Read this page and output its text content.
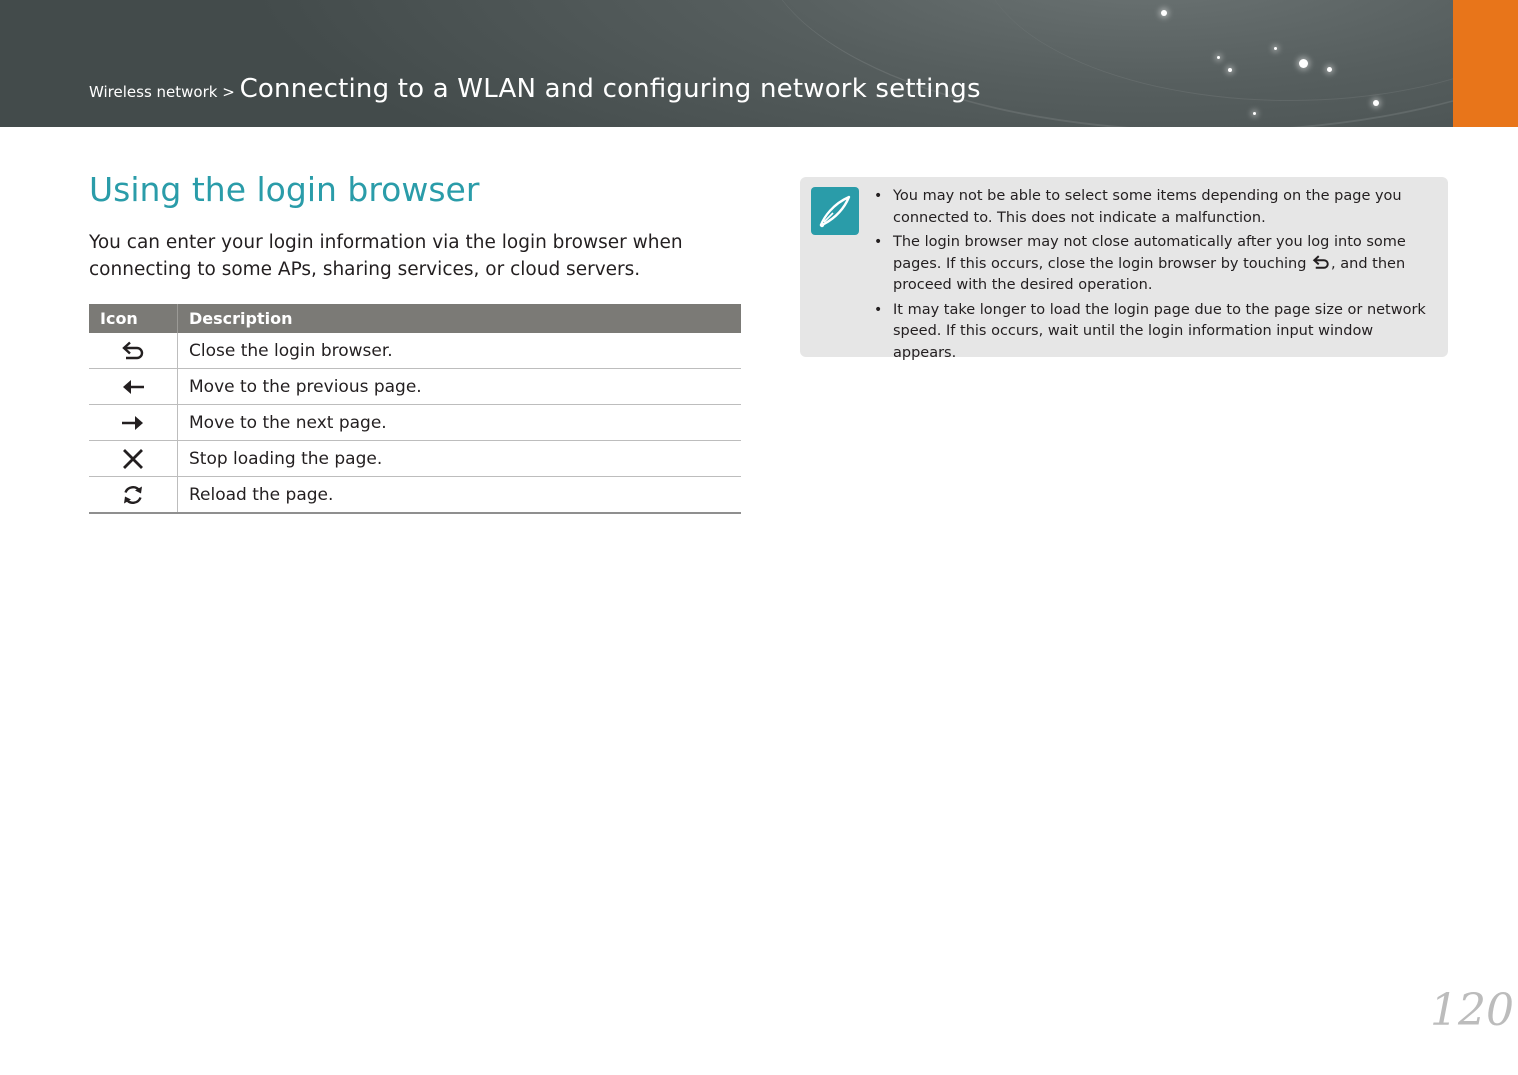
Wireless network > Connecting to a WLAN and conﬁguring network settings
Using the login browser

You can enter your login information via the login browser when connecting to some APs, sharing services, or cloud servers.

Icon	Description

	Close the login browser.

	Move to the previous page.

	Move to the next page.

	Stop loading the page.

	Reload the page.
• You may not be able to select some items depending on the page you connected to. This does not indicate a malfunction.
• The login browser may not close automatically after you log into some pages. If this occurs, close the login browser by touching , and then proceed with the desired operation.
• It may take longer to load the login page due to the page size or network speed. If this occurs, wait until the login information input window appears.
120
